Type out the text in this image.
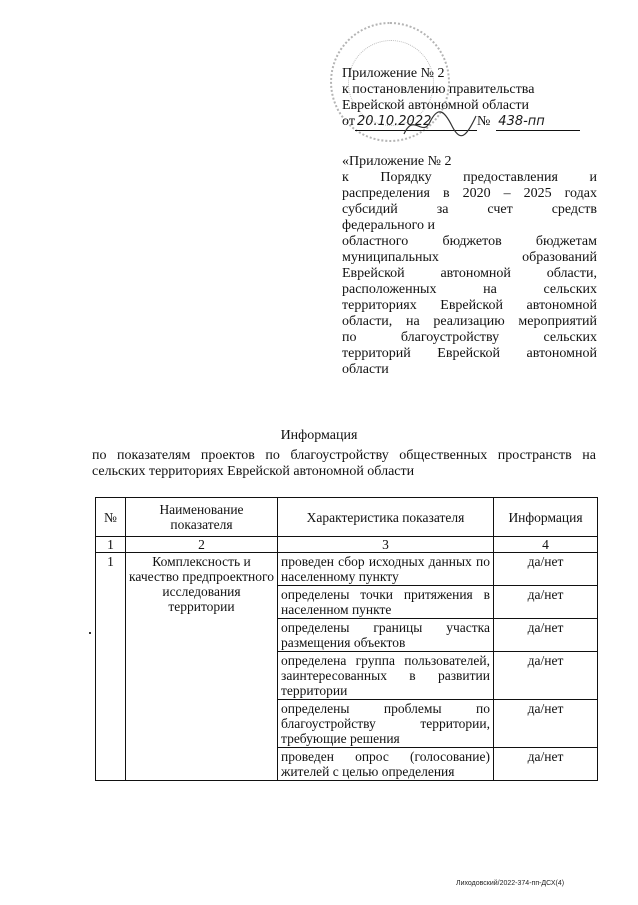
Приложение № 2
к постановлению правительства
Еврейской автономной области
от 20.10.2022	№ 438-пп
«Приложение № 2
к Порядку предоставления и
распределения в 2020 – 2025 годах
субсидий за счет средств
федерального и
областного бюджетов бюджетам
муниципальных образований
Еврейской автономной области,
расположенных на сельских
территориях Еврейской автономной
области, на реализацию мероприятий
по благоустройству сельских
территорий Еврейской автономной
области
Информация
по показателям проектов по благоустройству общественных пространств на
сельских территориях Еврейской автономной области
№	Наименование показателя	Характеристика показателя	Информация
1	2	3	4
1	Комплексность и качество предпроектного исследования территории	проведен сбор исходных данных по населенному пункту	да/нет
		определены точки притяжения в населенном пункте	да/нет
		определены границы участка размещения объектов	да/нет
		определена группа пользователей, заинтересованных в развитии территории	да/нет
		определены проблемы по благоустройству территории, требующие решения	да/нет
		проведен опрос (голосование) жителей с целью определения	да/нет
Лиходовский/2022-374-пп-ДСХ(4)
